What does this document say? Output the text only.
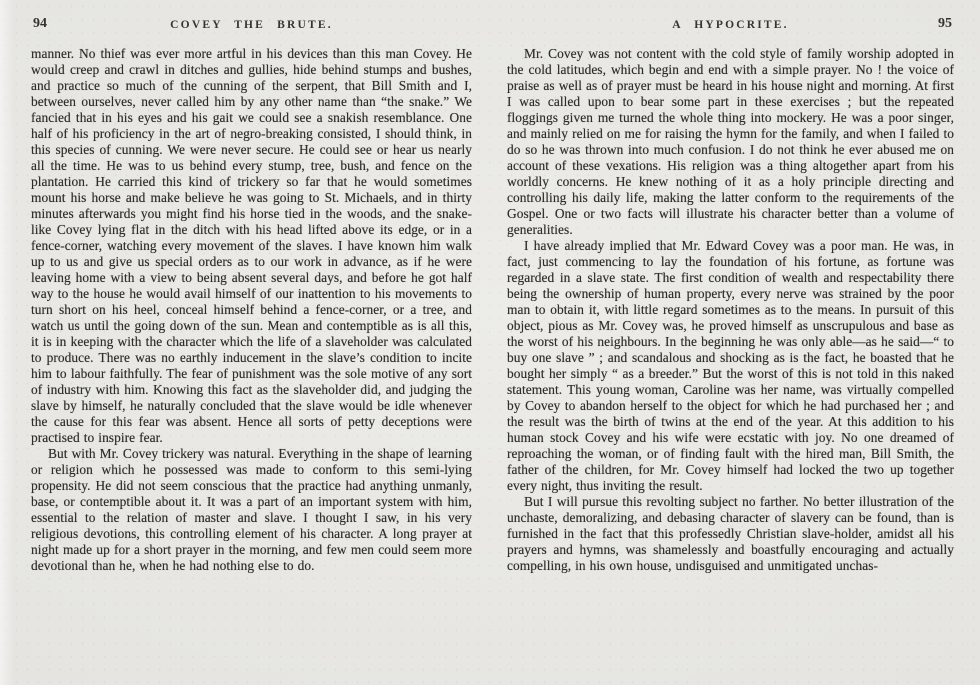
94	COVEY THE BRUTE.

manner. No thief was ever more artful in his devices than this man Covey. He would creep and crawl in ditches and gullies, hide behind stumps and bushes, and practice so much of the cunning of the serpent, that Bill Smith and I, between ourselves, never called him by any other name than “the snake.” We fancied that in his eyes and his gait we could see a snakish resemblance. One half of his proficiency in the art of negro-breaking consisted, I should think, in this species of cunning. We were never secure. He could see or hear us nearly all the time. He was to us behind every stump, tree, bush, and fence on the plantation. He carried this kind of trickery so far that he would sometimes mount his horse and make believe he was going to St. Michaels, and in thirty minutes afterwards you might find his horse tied in the woods, and the snake-like Covey lying flat in the ditch with his head lifted above its edge, or in a fence-corner, watching every movement of the slaves. I have known him walk up to us and give us special orders as to our work in advance, as if he were leaving home with a view to being absent several days, and before he got half way to the house he would avail himself of our inattention to his movements to turn short on his heel, conceal himself behind a fence-corner, or a tree, and watch us until the going down of the sun. Mean and contemptible as is all this, it is in keeping with the character which the life of a slaveholder was calculated to produce. There was no earthly inducement in the slave’s condition to incite him to labour faithfully. The fear of punishment was the sole motive of any sort of industry with him. Knowing this fact as the slaveholder did, and judging the slave by himself, he naturally concluded that the slave would be idle whenever the cause for this fear was absent. Hence all sorts of petty deceptions were practised to inspire fear.

But with Mr. Covey trickery was natural. Everything in the shape of learning or religion which he possessed was made to conform to this semi-lying propensity. He did not seem conscious that the practice had anything unmanly, base, or contemptible about it. It was a part of an important system with him, essential to the relation of master and slave. I thought I saw, in his very religious devotions, this controlling element of his character. A long prayer at night made up for a short prayer in the morning, and few men could seem more devotional than he, when he had nothing else to do.

A HYPOCRITE.	95

Mr. Covey was not content with the cold style of family worship adopted in the cold latitudes, which begin and end with a simple prayer. No ! the voice of praise as well as of prayer must be heard in his house night and morning. At first I was called upon to bear some part in these exercises ; but the repeated floggings given me turned the whole thing into mockery. He was a poor singer, and mainly relied on me for raising the hymn for the family, and when I failed to do so he was thrown into much confusion. I do not think he ever abused me on account of these vexations. His religion was a thing altogether apart from his worldly concerns. He knew nothing of it as a holy principle directing and controlling his daily life, making the latter conform to the requirements of the Gospel. One or two facts will illustrate his character better than a volume of generalities.

I have already implied that Mr. Edward Covey was a poor man. He was, in fact, just commencing to lay the foundation of his fortune, as fortune was regarded in a slave state. The first condition of wealth and respectability there being the ownership of human property, every nerve was strained by the poor man to obtain it, with little regard sometimes as to the means. In pursuit of this object, pious as Mr. Covey was, he proved himself as unscrupulous and base as the worst of his neighbours. In the beginning he was only able—as he said—“ to buy one slave ” ; and scandalous and shocking as is the fact, he boasted that he bought her simply “ as a breeder.” But the worst of this is not told in this naked statement. This young woman, Caroline was her name, was virtually compelled by Covey to abandon herself to the object for which he had purchased her ; and the result was the birth of twins at the end of the year. At this addition to his human stock Covey and his wife were ecstatic with joy. No one dreamed of reproaching the woman, or of finding fault with the hired man, Bill Smith, the father of the children, for Mr. Covey himself had locked the two up together every night, thus inviting the result.

But I will pursue this revolting subject no farther. No better illustration of the unchaste, demoralizing, and debasing character of slavery can be found, than is furnished in the fact that this professedly Christian slave-holder, amidst all his prayers and hymns, was shamelessly and boastfully encouraging and actually compelling, in his own house, undisguised and unmitigated unchas-
